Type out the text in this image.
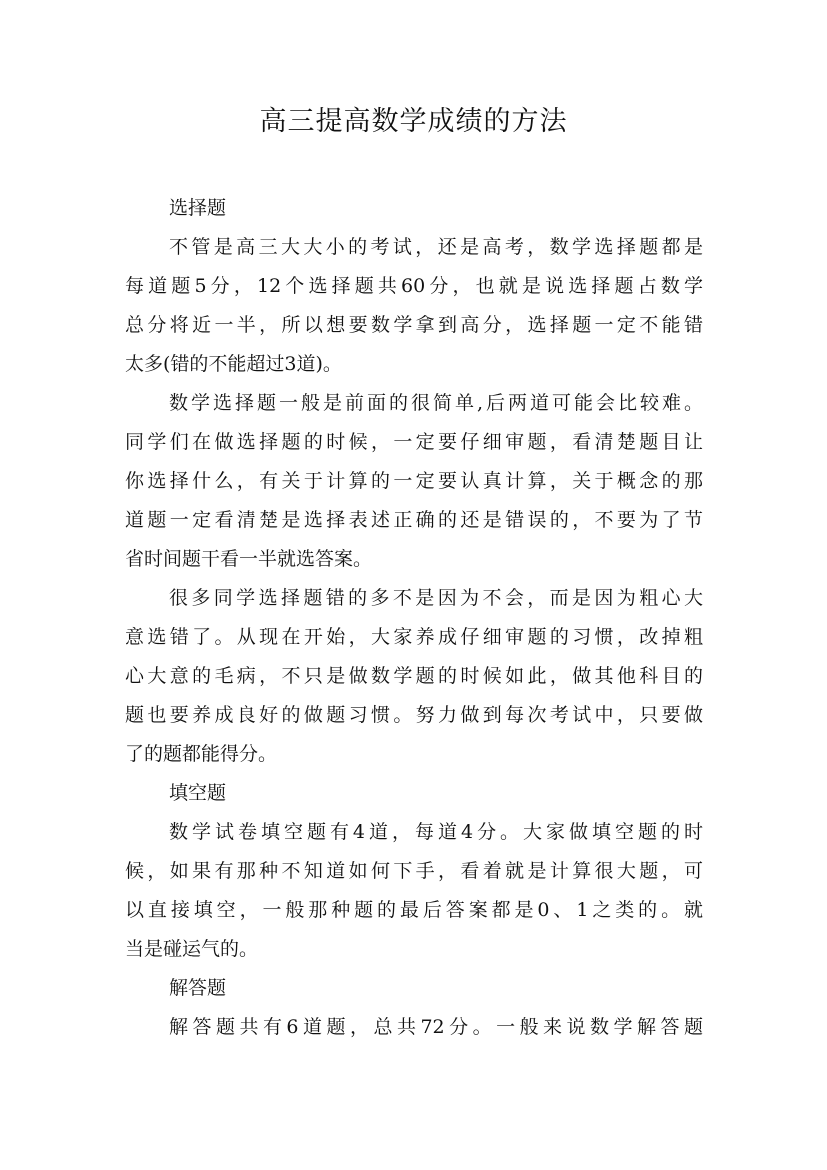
高三提高数学成绩的方法
选择题
不管是高三大大小的考试，还是高考，数学选择题都是
每道题5分，12个选择题共60分，也就是说选择题占数学
总分将近一半，所以想要数学拿到高分，选择题一定不能错
太多(错的不能超过3道)。
数学选择题一般是前面的很简单,后两道可能会比较难。
同学们在做选择题的时候，一定要仔细审题，看清楚题目让
你选择什么，有关于计算的一定要认真计算，关于概念的那
道题一定看清楚是选择表述正确的还是错误的，不要为了节
省时间题干看一半就选答案。
很多同学选择题错的多不是因为不会，而是因为粗心大
意选错了。从现在开始，大家养成仔细审题的习惯，改掉粗
心大意的毛病，不只是做数学题的时候如此，做其他科目的
题也要养成良好的做题习惯。努力做到每次考试中，只要做
了的题都能得分。
填空题
数学试卷填空题有4道，每道4分。大家做填空题的时
候，如果有那种不知道如何下手，看着就是计算很大题，可
以直接填空，一般那种题的最后答案都是0、1之类的。就
当是碰运气的。
解答题
解答题共有6道题，总共72分。一般来说数学解答题
